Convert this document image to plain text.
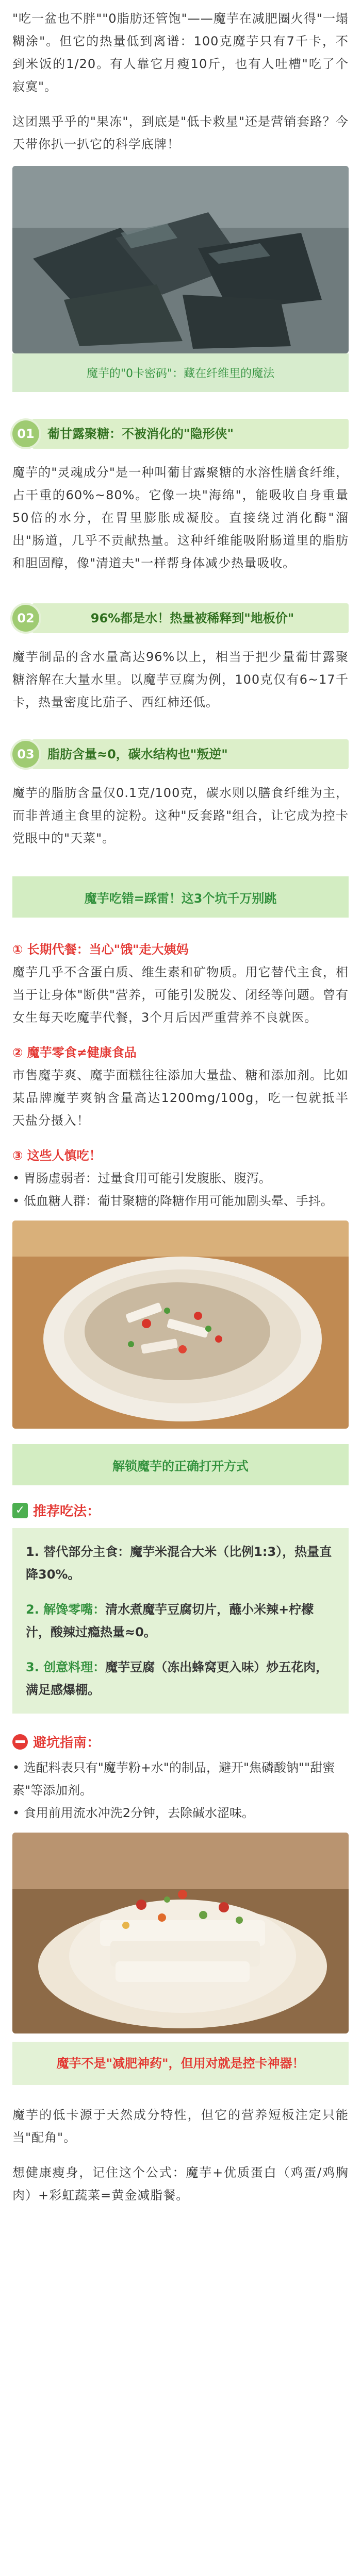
"吃一盆也不胖""0脂肪还管饱"——魔芋在减肥圈火得"一塌糊涂"。但它的热量低到离谱：100克魔芋只有7千卡，不到米饭的1/20。有人靠它月瘦10斤，也有人吐槽"吃了个寂寞"。

这团黑乎乎的"果冻"，到底是"低卡救星"还是营销套路？今天带你扒一扒它的科学底牌！

魔芋的"0卡密码"：藏在纤维里的魔法
01	葡甘露聚糖：不被消化的"隐形侠"

魔芋的"灵魂成分"是一种叫葡甘露聚糖的水溶性膳食纤维，占干重的60%~80%。它像一块"海绵"，能吸收自身重量50倍的水分，在胃里膨胀成凝胶。直接绕过消化酶"溜出"肠道，几乎不贡献热量。这种纤维能吸附肠道里的脂肪和胆固醇，像"清道夫"一样帮身体减少热量吸收。

02	96%都是水！热量被稀释到"地板价"

魔芋制品的含水量高达96%以上，相当于把少量葡甘露聚糖溶解在大量水里。以魔芋豆腐为例，100克仅有6~17千卡，热量密度比茄子、西红柿还低。

03	脂肪含量≈0，碳水结构也"叛逆"

魔芋的脂肪含量仅0.1克/100克，碳水则以膳食纤维为主，而非普通主食里的淀粉。这种"反套路"组合，让它成为控卡党眼中的"天菜"。

魔芋吃错=踩雷！这3个坑千万别跳
① 长期代餐：当心"饿"走大姨妈

魔芋几乎不含蛋白质、维生素和矿物质。用它替代主食，相当于让身体"断供"营养，可能引发脱发、闭经等问题。曾有女生每天吃魔芋代餐，3个月后因严重营养不良就医。

② 魔芋零食≠健康食品

市售魔芋爽、魔芋面糕往往添加大量盐、糖和添加剂。比如某品牌魔芋爽钠含量高达1200mg/100g，吃一包就抵半天盐分摄入！

③ 这些人慎吃！
• 胃肠虚弱者：过量食用可能引发腹胀、腹泻。
• 低血糖人群：葡甘聚糖的降糖作用可能加剧头晕、手抖。
解锁魔芋的正确打开方式
✓ 推荐吃法：
1. 替代部分主食：魔芋米混合大米（比例1:3），热量直降30%。
2. 解馋零嘴：清水煮魔芋豆腐切片，蘸小米辣+柠檬汁，酸辣过瘾热量≈0。
3. 创意料理：魔芋豆腐（冻出蜂窝更入味）炒五花肉，满足感爆棚。
避坑指南：
• 选配料表只有"魔芋粉+水"的制品，避开"焦磷酸钠""甜蜜素"等添加剂。
• 食用前用流水冲洗2分钟，去除碱水涩味。
魔芋不是"减肥神药"，但用对就是控卡神器！

魔芋的低卡源于天然成分特性，但它的营养短板注定只能当"配角"。

想健康瘦身，记住这个公式：魔芋+优质蛋白（鸡蛋/鸡胸肉）+彩虹蔬菜=黄金减脂餐。
